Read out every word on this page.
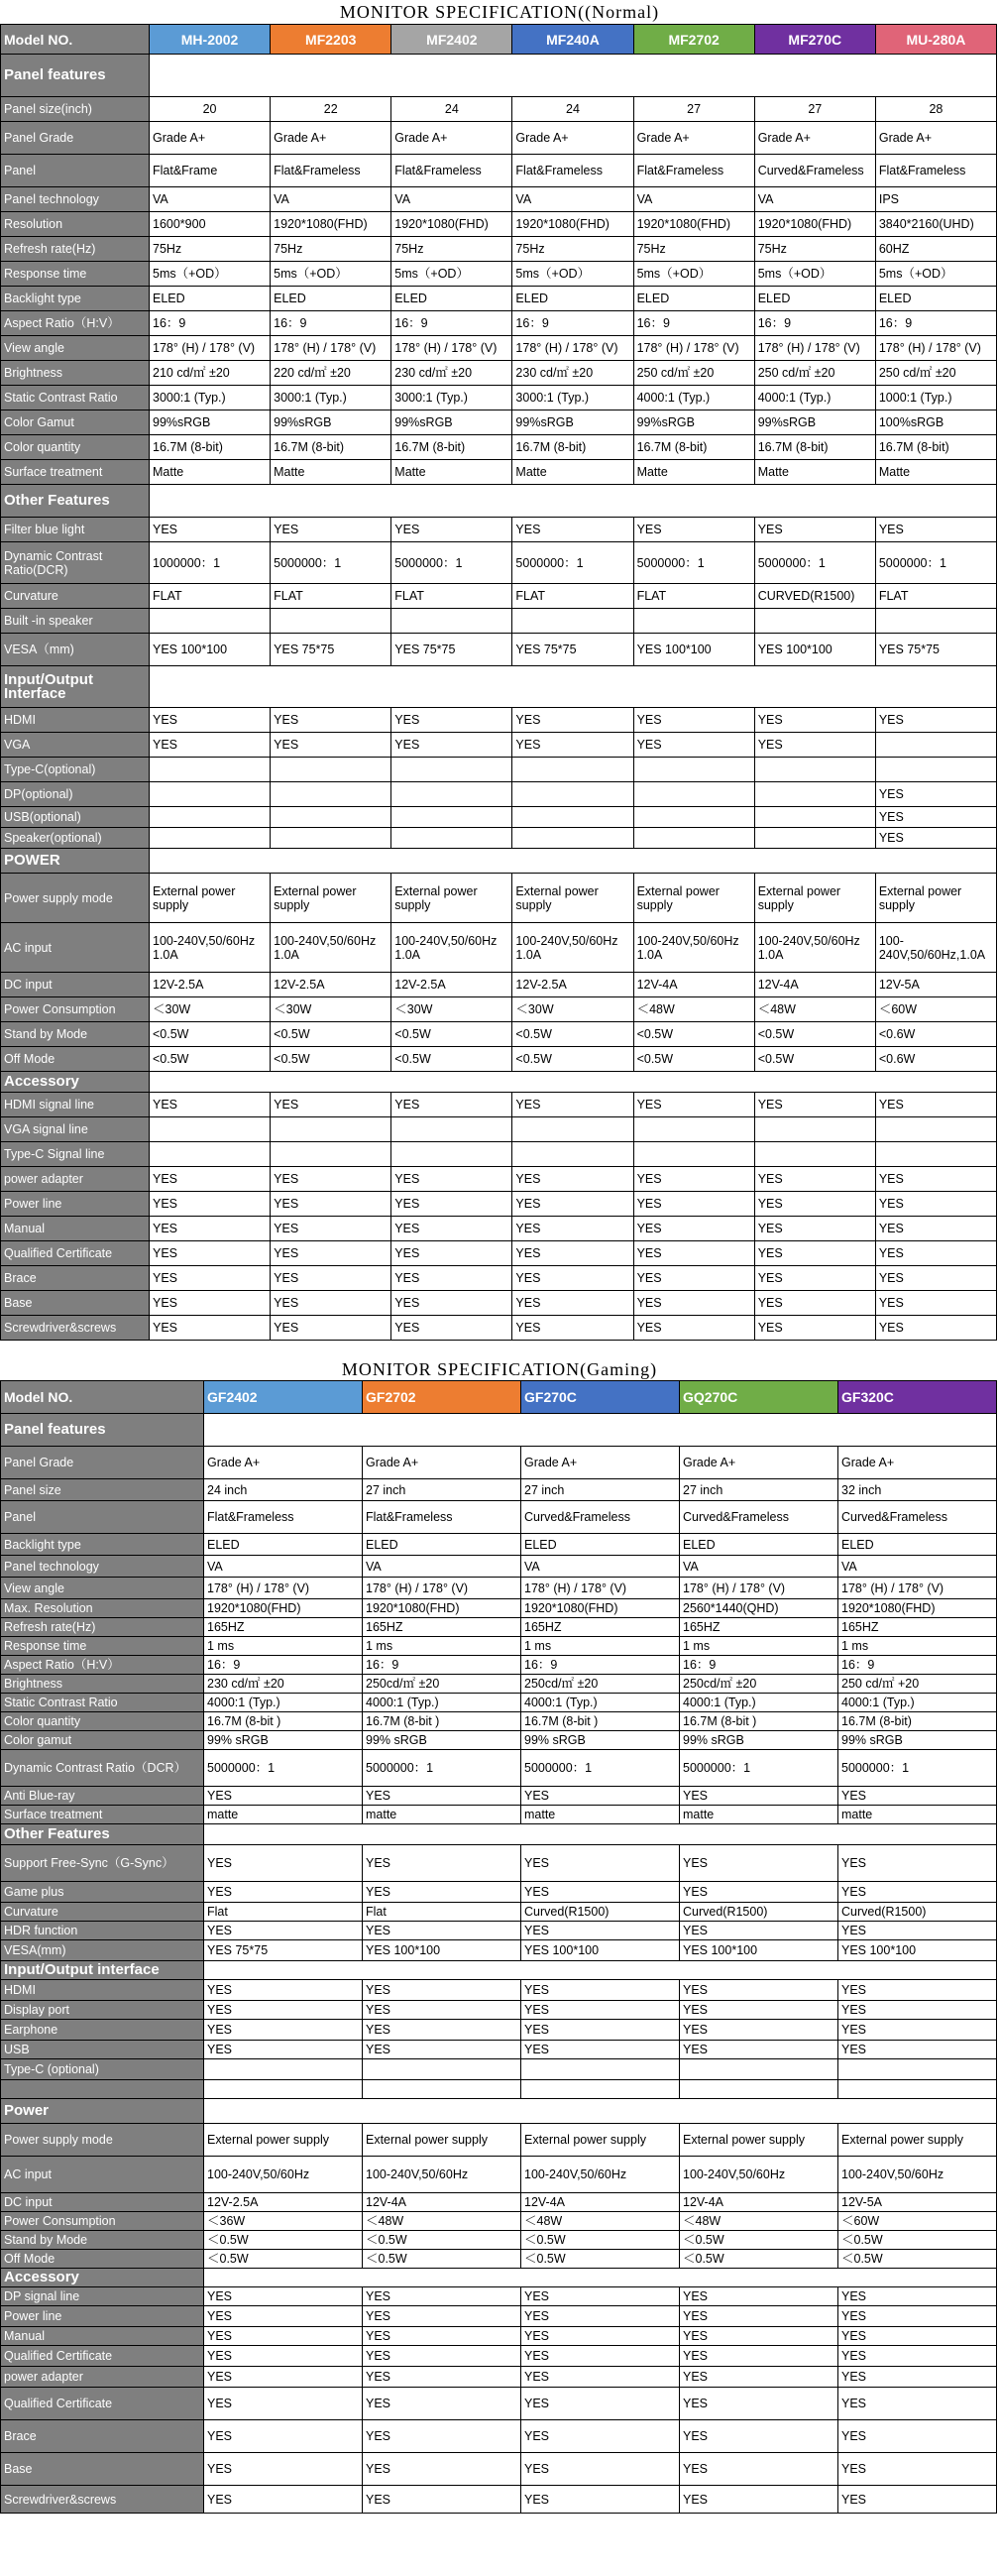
MONITOR SPECIFICATION((Normal)
Model NO.	MH-2002	MF2203	MF2402	MF240A	MF2702	MF270C	MU-280A
Panel features							
Panel size(inch)	20	22	24	24	27	27	28
Panel Grade	Grade A+	Grade A+	Grade A+	Grade A+	Grade A+	Grade A+	Grade A+
Panel	Flat&Frame	Flat&Frameless	Flat&Frameless	Flat&Frameless	Flat&Frameless	Curved&Frameless	Flat&Frameless
Panel technology	VA	VA	VA	VA	VA	VA	IPS
Resolution	1600*900	1920*1080(FHD)	1920*1080(FHD)	1920*1080(FHD)	1920*1080(FHD)	1920*1080(FHD)	3840*2160(UHD)
Refresh rate(Hz)	75Hz	75Hz	75Hz	75Hz	75Hz	75Hz	60HZ
Response time	5ms（+OD）	5ms（+OD）	5ms（+OD）	5ms（+OD）	5ms（+OD）	5ms（+OD）	5ms（+OD）
Backlight type	ELED	ELED	ELED	ELED	ELED	ELED	ELED
Aspect Ratio（H:V）	16：9	16：9	16：9	16：9	16：9	16：9	16：9
View angle	178° (H) / 178° (V)	178° (H) / 178° (V)	178° (H) / 178° (V)	178° (H) / 178° (V)	178° (H) / 178° (V)	178° (H) / 178° (V)	178° (H) / 178° (V)
Brightness	210 cd/㎡ ±20	220 cd/㎡ ±20	230 cd/㎡ ±20	230 cd/㎡ ±20	250 cd/㎡ ±20	250 cd/㎡ ±20	250 cd/㎡ ±20
Static Contrast Ratio	3000:1 (Typ.)	3000:1 (Typ.)	3000:1 (Typ.)	3000:1 (Typ.)	4000:1 (Typ.)	4000:1 (Typ.)	1000:1 (Typ.)
Color Gamut	99%sRGB	99%sRGB	99%sRGB	99%sRGB	99%sRGB	99%sRGB	100%sRGB
Color quantity	16.7M (8-bit)	16.7M (8-bit)	16.7M (8-bit)	16.7M (8-bit)	16.7M (8-bit)	16.7M (8-bit)	16.7M (8-bit)
Surface treatment	Matte	Matte	Matte	Matte	Matte	Matte	Matte
Other Features							
Filter blue light	YES	YES	YES	YES	YES	YES	YES
Dynamic Contrast Ratio(DCR)	1000000：1	5000000：1	5000000：1	5000000：1	5000000：1	5000000：1	5000000：1
Curvature	FLAT	FLAT	FLAT	FLAT	FLAT	CURVED(R1500)	FLAT
Built -in speaker							
VESA（mm)	YES 100*100	YES 75*75	YES 75*75	YES 75*75	YES 100*100	YES 100*100	YES 75*75
Input/Output Interface							
HDMI	YES	YES	YES	YES	YES	YES	YES
VGA	YES	YES	YES	YES	YES	YES	
Type-C(optional)							
DP(optional)							YES
USB(optional)							YES
Speaker(optional)							YES
POWER							
Power supply mode	External power supply	External power supply	External power supply	External power supply	External power supply	External power supply	External power supply
AC input	100-240V,50/60Hz 1.0A	100-240V,50/60Hz 1.0A	100-240V,50/60Hz 1.0A	100-240V,50/60Hz 1.0A	100-240V,50/60Hz 1.0A	100-240V,50/60Hz 1.0A	100-240V,50/60Hz,1.0A
DC input	12V-2.5A	12V-2.5A	12V-2.5A	12V-2.5A	12V-4A	12V-4A	12V-5A
Power Consumption	＜30W	＜30W	＜30W	＜30W	＜48W	＜48W	＜60W
Stand by Mode	<0.5W	<0.5W	<0.5W	<0.5W	<0.5W	<0.5W	<0.6W
Off Mode	<0.5W	<0.5W	<0.5W	<0.5W	<0.5W	<0.5W	<0.6W
Accessory							
HDMI signal line	YES	YES	YES	YES	YES	YES	YES
VGA signal line							
Type-C Signal line							
power adapter	YES	YES	YES	YES	YES	YES	YES
Power line	YES	YES	YES	YES	YES	YES	YES
Manual	YES	YES	YES	YES	YES	YES	YES
Qualified Certificate	YES	YES	YES	YES	YES	YES	YES
Brace	YES	YES	YES	YES	YES	YES	YES
Base	YES	YES	YES	YES	YES	YES	YES
Screwdriver&screws	YES	YES	YES	YES	YES	YES	YES
MONITOR SPECIFICATION(Gaming)
Model NO.	GF2402	GF2702	GF270C	GQ270C	GF320C
Panel features					
Panel Grade	Grade A+	Grade A+	Grade A+	Grade A+	Grade A+
Panel size	24 inch	27 inch	27 inch	27 inch	32 inch
Panel	Flat&Frameless	Flat&Frameless	Curved&Frameless	Curved&Frameless	Curved&Frameless
Backlight type	ELED	ELED	ELED	ELED	ELED
Panel technology	VA	VA	VA	VA	VA
View angle	178° (H) / 178° (V)	178° (H) / 178° (V)	178° (H) / 178° (V)	178° (H) / 178° (V)	178° (H) / 178° (V)
Max. Resolution	1920*1080(FHD)	1920*1080(FHD)	1920*1080(FHD)	2560*1440(QHD)	1920*1080(FHD)
Refresh rate(Hz)	165HZ	165HZ	165HZ	165HZ	165HZ
Response time	1 ms	1 ms	1 ms	1 ms	1 ms
Aspect Ratio（H:V）	16：9	16：9	16：9	16：9	16：9
Brightness	230 cd/㎡ ±20	250cd/㎡ ±20	250cd/㎡ ±20	250cd/㎡ ±20	250 cd/㎡ +20
Static Contrast Ratio	4000:1 (Typ.)	4000:1 (Typ.)	4000:1 (Typ.)	4000:1 (Typ.)	4000:1 (Typ.)
Color quantity	16.7M (8-bit )	16.7M (8-bit )	16.7M (8-bit )	16.7M (8-bit )	16.7M (8-bit)
Color gamut	99% sRGB	99% sRGB	99% sRGB	99% sRGB	99% sRGB
Dynamic Contrast Ratio（DCR）	5000000：1	5000000：1	5000000：1	5000000：1	5000000：1
Anti Blue-ray	YES	YES	YES	YES	YES
Surface treatment	matte	matte	matte	matte	matte
Other Features					
Support Free-Sync（G-Sync）	YES	YES	YES	YES	YES
Game plus	YES	YES	YES	YES	YES
Curvature	Flat	Flat	Curved(R1500)	Curved(R1500)	Curved(R1500)
HDR function	YES	YES	YES	YES	YES
VESA(mm)	YES 75*75	YES 100*100	YES 100*100	YES 100*100	YES 100*100
Input/Output interface					
HDMI	YES	YES	YES	YES	YES
Display port	YES	YES	YES	YES	YES
Earphone	YES	YES	YES	YES	YES
USB	YES	YES	YES	YES	YES
Type-C (optional)					

Power					
Power supply mode	External power supply	External power supply	External power supply	External power supply	External power supply
AC input	100-240V,50/60Hz	100-240V,50/60Hz	100-240V,50/60Hz	100-240V,50/60Hz	100-240V,50/60Hz
DC input	12V-2.5A	12V-4A	12V-4A	12V-4A	12V-5A
Power Consumption	＜36W	＜48W	＜48W	＜48W	＜60W
Stand by Mode	＜0.5W	＜0.5W	＜0.5W	＜0.5W	＜0.5W
Off Mode	＜0.5W	＜0.5W	＜0.5W	＜0.5W	＜0.5W
Accessory					
DP signal line	YES	YES	YES	YES	YES
Power line	YES	YES	YES	YES	YES
Manual	YES	YES	YES	YES	YES
Qualified Certificate	YES	YES	YES	YES	YES
power adapter	YES	YES	YES	YES	YES
Qualified Certificate	YES	YES	YES	YES	YES
Brace	YES	YES	YES	YES	YES
Base	YES	YES	YES	YES	YES
Screwdriver&screws	YES	YES	YES	YES	YES
